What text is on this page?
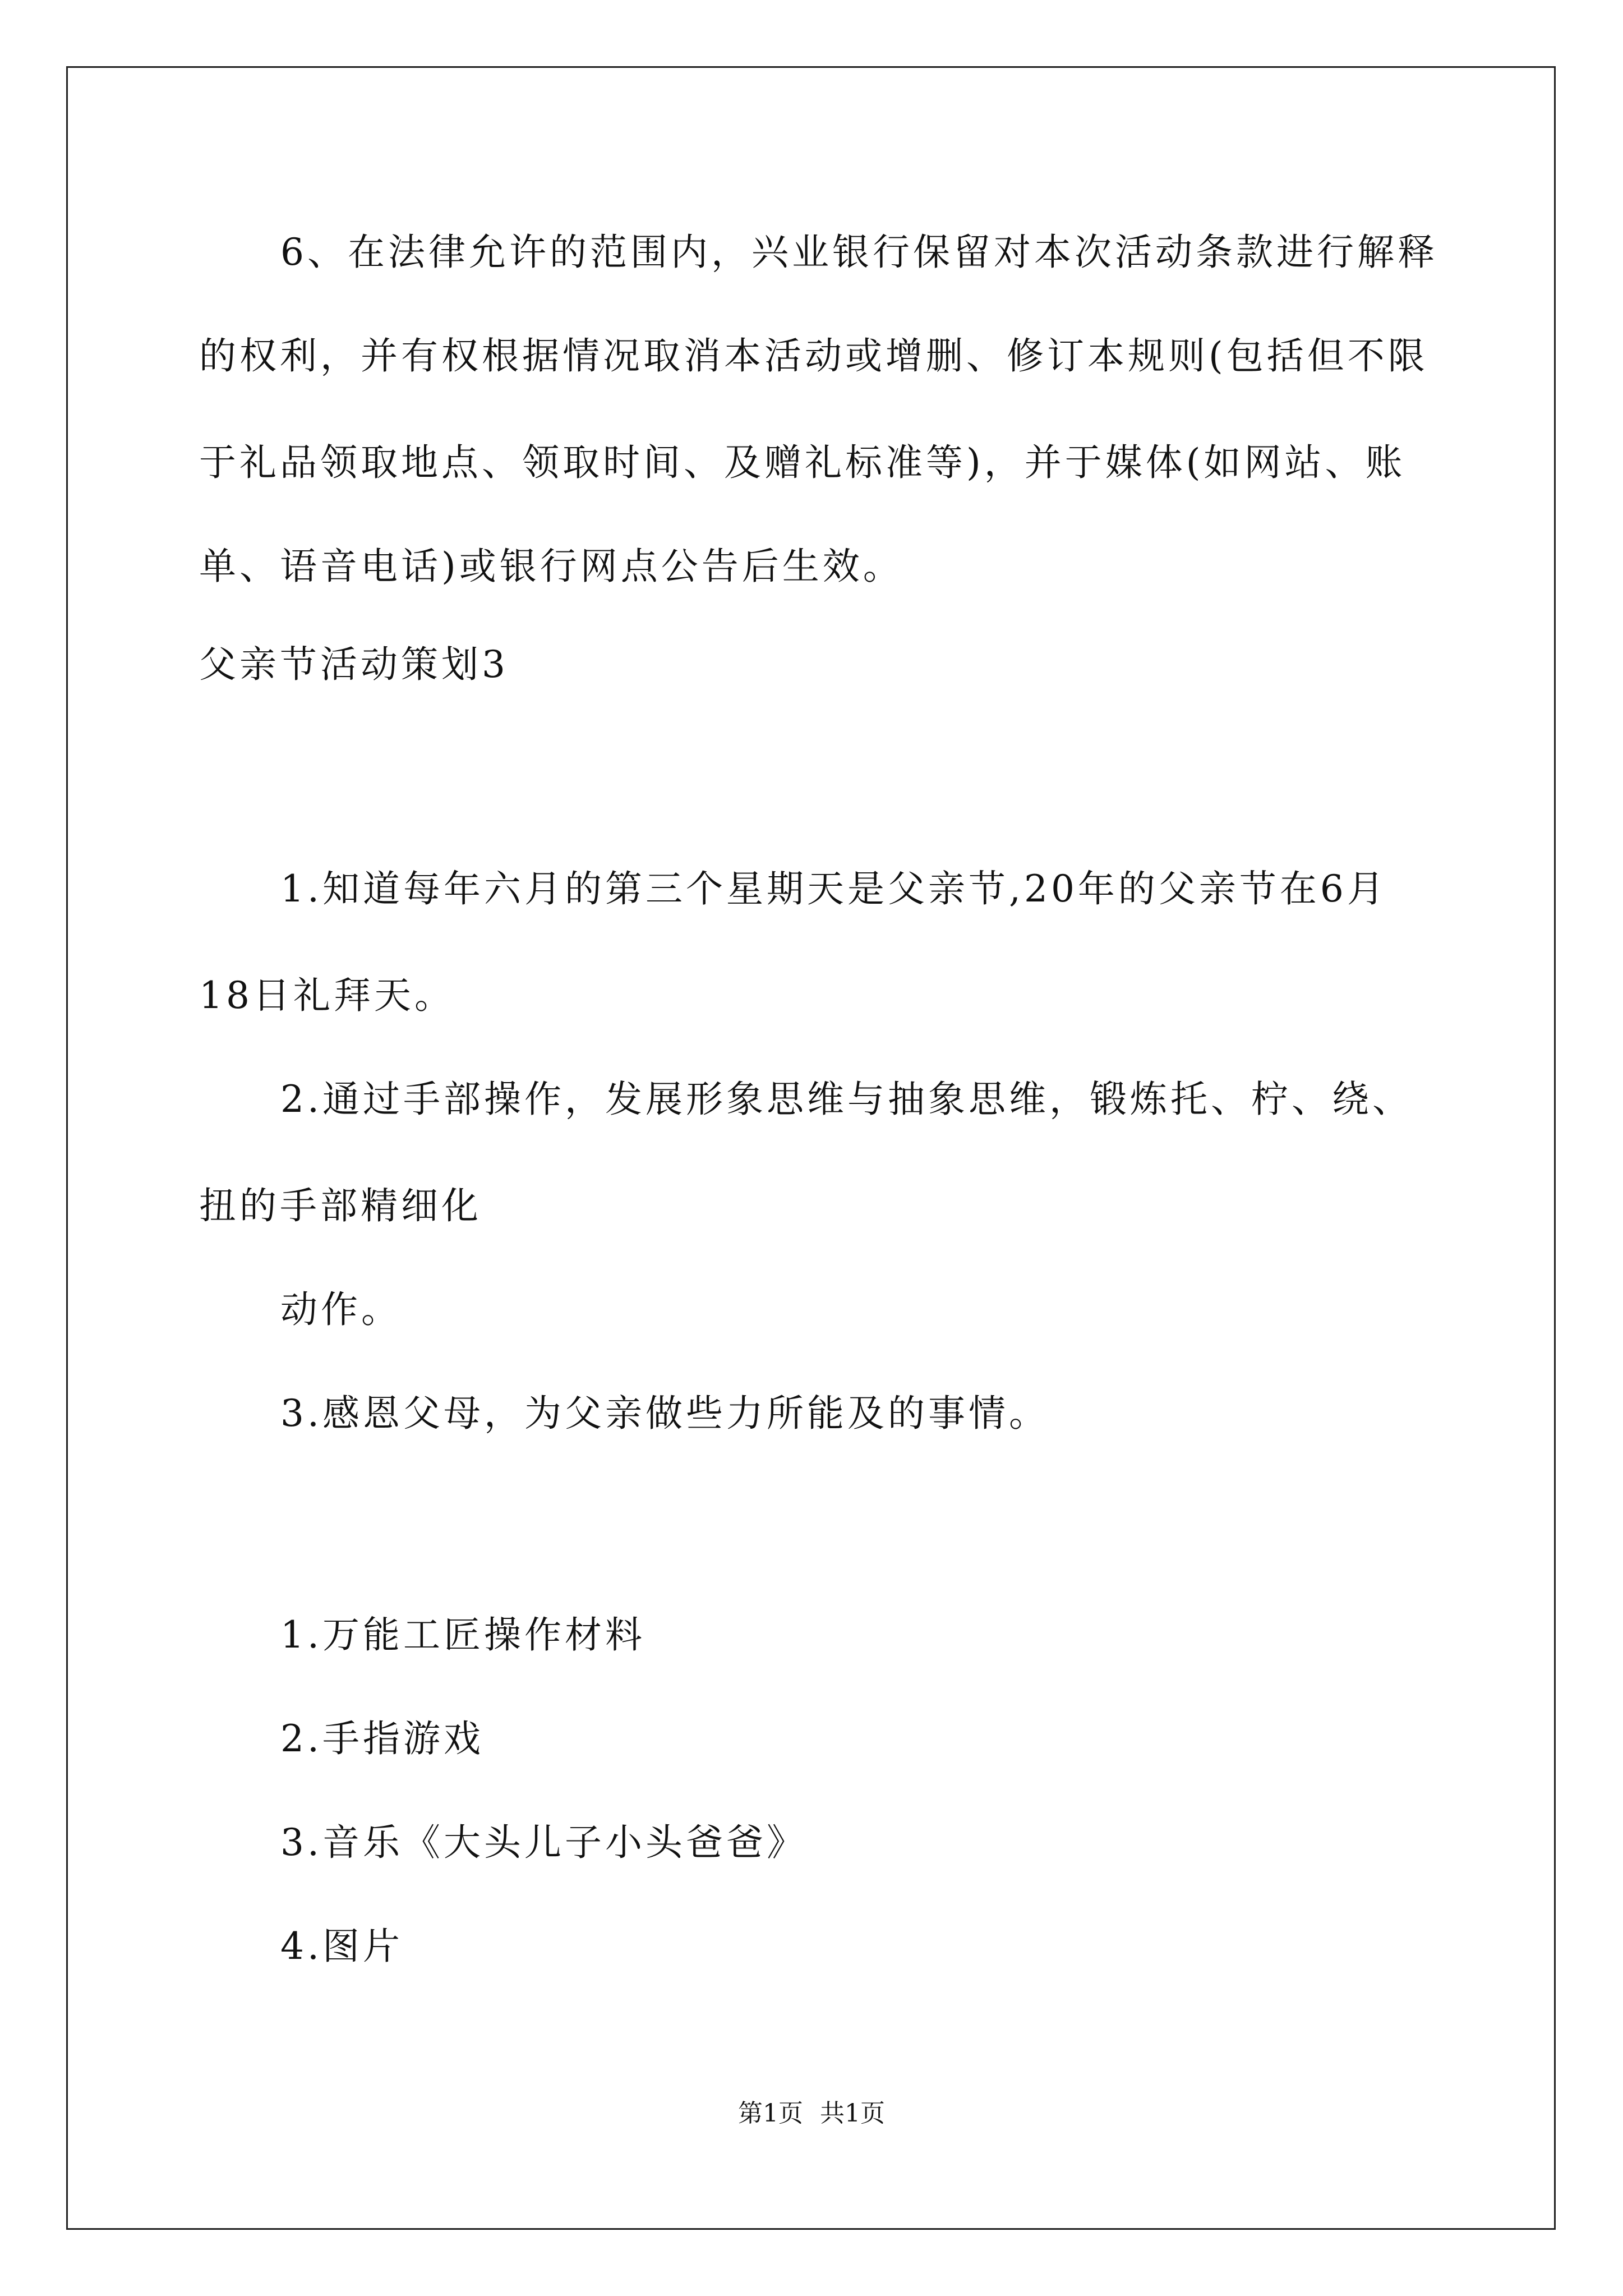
6、在法律允许的范围内，兴业银行保留对本次活动条款进行解释
的权利，并有权根据情况取消本活动或增删、修订本规则(包括但不限
于礼品领取地点、领取时间、及赠礼标准等)，并于媒体(如网站、账
单、语音电话)或银行网点公告后生效。
父亲节活动策划3
1.知道每年六月的第三个星期天是父亲节,20年的父亲节在6月
18日礼拜天。
2.通过手部操作，发展形象思维与抽象思维，锻炼托、柠、绕、
扭的手部精细化
动作。
3.感恩父母，为父亲做些力所能及的事情。
1.万能工匠操作材料
2.手指游戏
3.音乐《大头儿子小头爸爸》
4.图片
第1页 共1页
